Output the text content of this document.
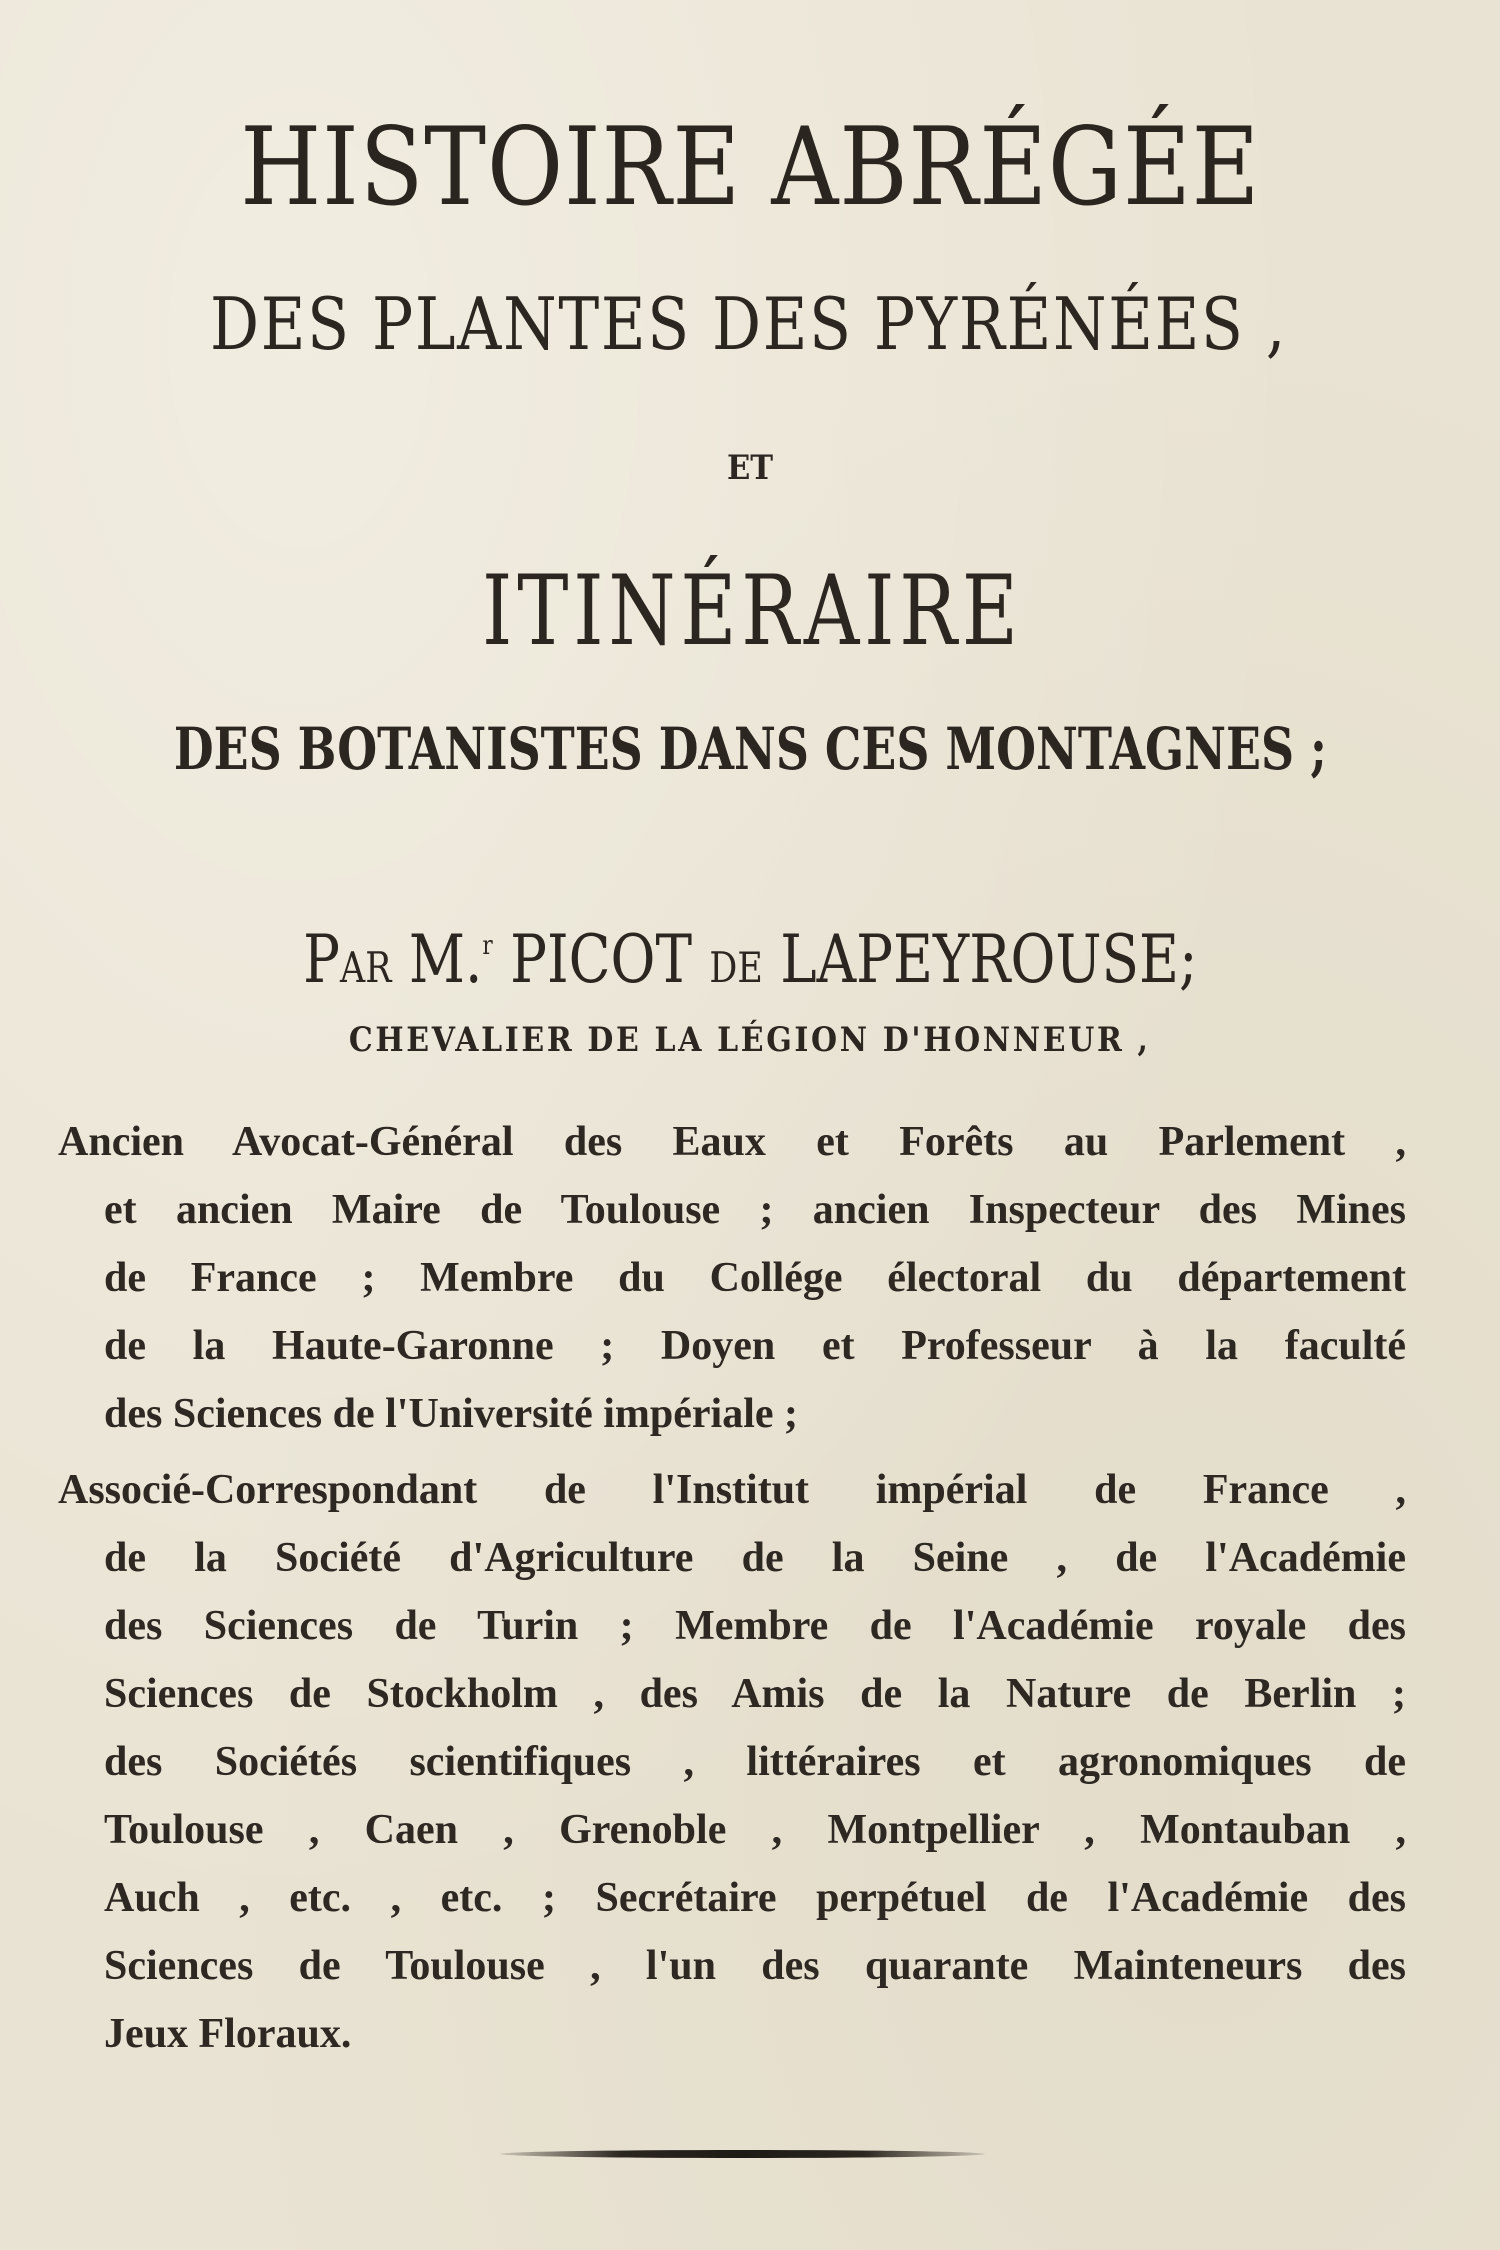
HISTOIRE ABRÉGÉE
DES PLANTES DES PYRÉNÉES ,
ET
ITINÉRAIRE
DES BOTANISTES DANS CES MONTAGNES ;
PAR M.$^r$ PICOT DE LAPEYROUSE;
CHEVALIER DE LA LÉGION D'HONNEUR ,
Ancien Avocat-Général des Eaux et Forêts au Parlement ,
et ancien Maire de Toulouse ; ancien Inspecteur des Mines
de France ; Membre du Collége électoral du département
de la Haute-Garonne ; Doyen et Professeur à la faculté
des Sciences de l'Université impériale ;
Associé-Correspondant de l'Institut impérial de France ,
de la Société d'Agriculture de la Seine , de l'Académie
des Sciences de Turin ; Membre de l'Académie royale des
Sciences de Stockholm , des Amis de la Nature de Berlin ;
des Sociétés scientifiques , littéraires et agronomiques de
Toulouse , Caen , Grenoble , Montpellier , Montauban ,
Auch , etc. , etc. ; Secrétaire perpétuel de l'Académie des
Sciences de Toulouse , l'un des quarante Mainteneurs des
Jeux Floraux.
